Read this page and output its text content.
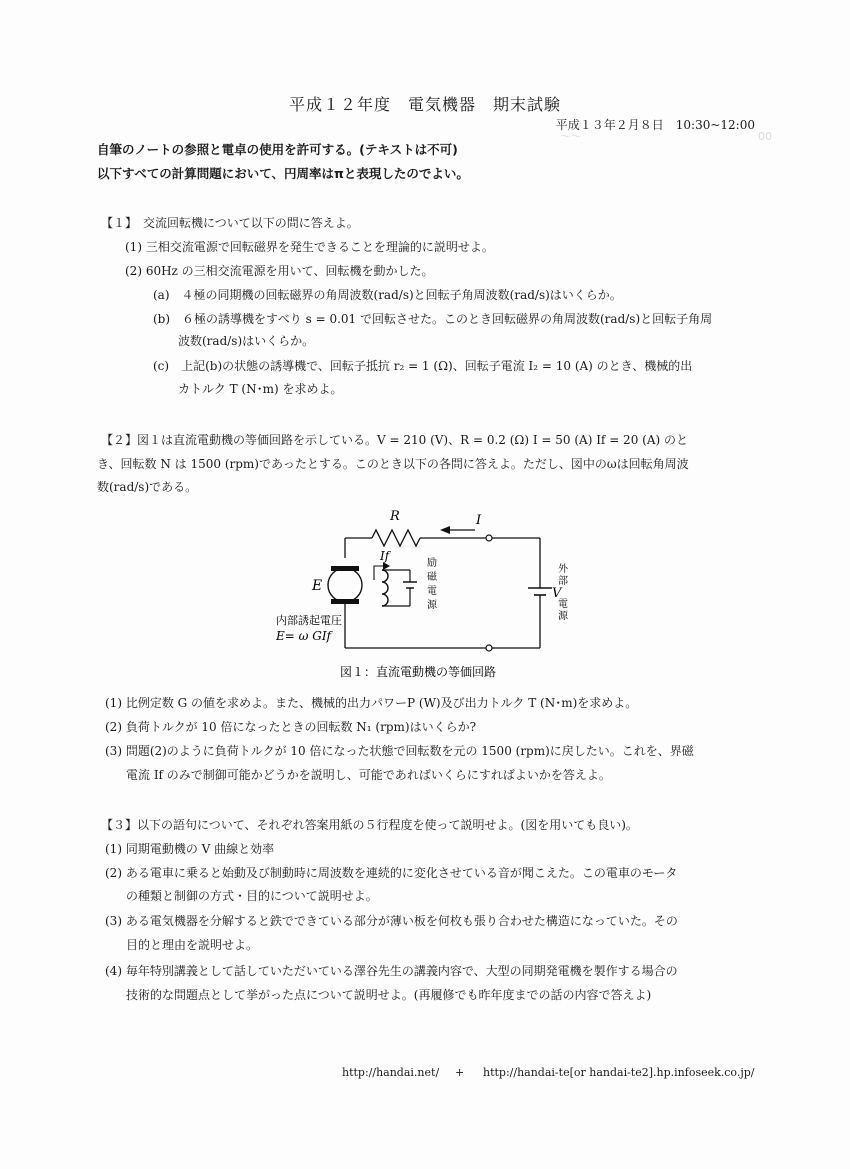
〜〜　　　　　　　　　　　　　　　　00
平成１２年度　電気機器　期末試験
平成１３年２月８日　10:30~12:00
自筆のノートの参照と電卓の使用を許可する。(テキストは不可)
以下すべての計算問題において、円周率はπと表現したのでよい。
【１】　交流回転機について以下の問に答えよ。
(1) 三相交流電源で回転磁界を発生できることを理論的に説明せよ。
(2) 60Hz の三相交流電源を用いて、回転機を動かした。
(a)　４極の同期機の回転磁界の角周波数(rad/s)と回転子角周波数(rad/s)はいくらか。
(b)　６極の誘導機をすべり s = 0.01 で回転させた。このとき回転磁界の角周波数(rad/s)と回転子角周
波数(rad/s)はいくらか。
(c)　上記(b)の状態の誘導機で、回転子抵抗 r₂ = 1 (Ω)、回転子電流 I₂ = 10 (A) のとき、機械的出
カトルク T (N･m) を求めよ。
【２】図１は直流電動機の等価回路を示している。V = 210 (V)、R = 0.2 (Ω) I = 50 (A) If = 20 (A) のと
き、回転数 N は 1500 (rpm)であったとする。このとき以下の各問に答えよ。ただし、図中のωは回転角周波
数(rad/s)である。
R	I
If
E	V
励
磁
電
源
外
部
電
源
内部誘起電圧
E= ω GIf
図１：直流電動機の等価回路
(1) 比例定数 G の値を求めよ。また、機械的出力パワーP (W)及び出力トルク T (N･m)を求めよ。
(2) 負荷トルクが 10 倍になったときの回転数 N₁ (rpm)はいくらか?
(3) 問題(2)のように負荷トルクが 10 倍になった状態で回転数を元の 1500 (rpm)に戻したい。これを、界磁
電流 If のみで制御可能かどうかを説明し、可能であればいくらにすればよいかを答えよ。
【３】以下の語句について、それぞれ答案用紙の５行程度を使って説明せよ。(図を用いても良い)。
(1) 同期電動機の V 曲線と効率
(2) ある電車に乗ると始動及び制動時に周波数を連続的に変化させている音が聞こえた。この電車のモータ
の種類と制御の方式・目的について説明せよ。
(3) ある電気機器を分解すると鉄でできている部分が薄い板を何枚も張り合わせた構造になっていた。その
目的と理由を説明せよ。
(4) 毎年特別講義として話していただいている澤谷先生の講義内容で、大型の同期発電機を製作する場合の
技術的な問題点として挙がった点について説明せよ。(再履修でも昨年度までの話の内容で答えよ)
http://handai.net/ + http://handai-te[or handai-te2].hp.infoseek.co.jp/
